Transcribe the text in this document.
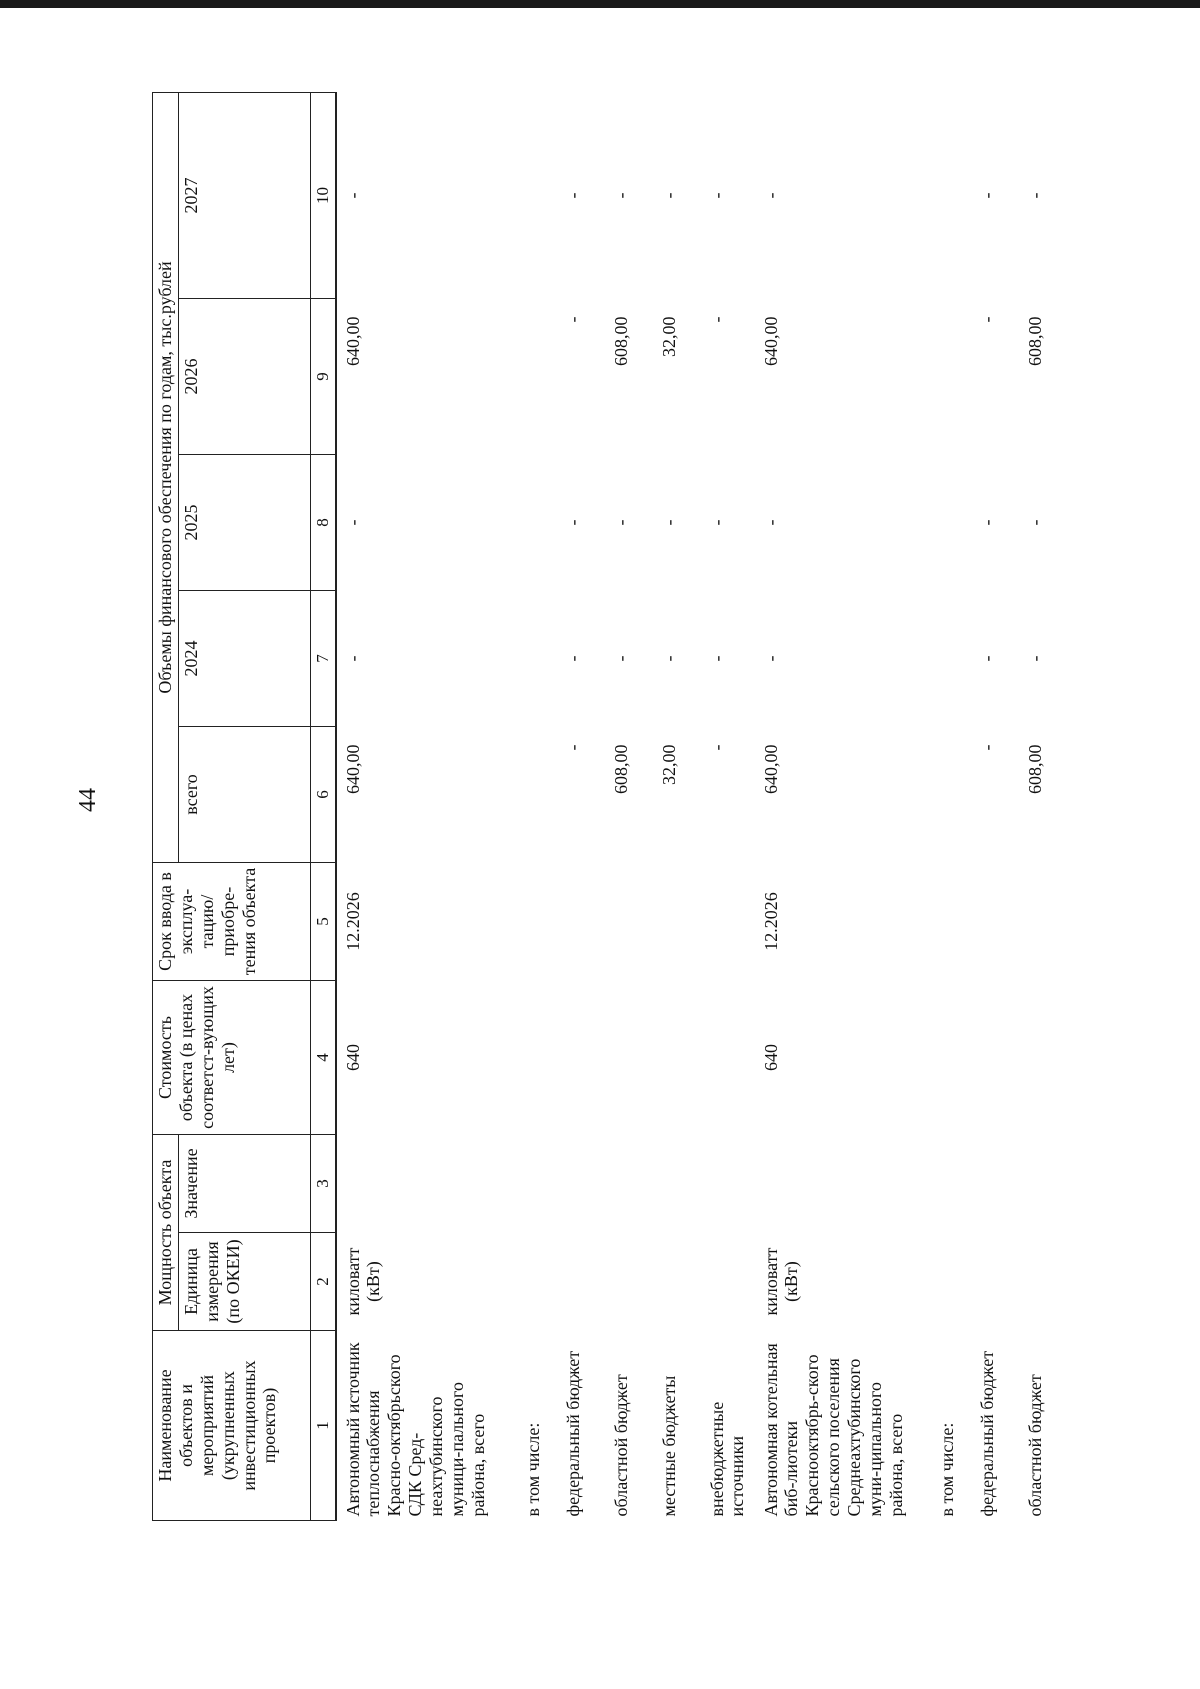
44
Наименование объектов и мероприятий (укрупненных инвестиционных проектов)	Мощность объекта		Стоимость объекта (в ценах соответст-вующих лет)	Срок ввода в эксплуа-тацию/ приобре-тения объекта	Объемы финансового обеспечения по годам, тыс.рублей				
	Единица измерения (по ОКЕИ)	Значение			всего	2024	2025	2026	2027
1	2	3	4	5	6	7	8	9	10
Автономный источник теплоснабжения Красно-октябрьского СДК Сред-неахтубинского муници-пального района, всего	киловатт (кВт)		640	12.2026	640,00	-	-	640,00	-
в том числе:									
федеральный бюджет					-	-	-	-	-
областной бюджет					608,00	-	-	608,00	-
местные бюджеты					32,00	-	-	32,00	-
внебюджетные источники					-	-	-	-	-
Автономная котельная биб-лиотеки Краснооктябрь-ского сельского поселения Среднеахтубинского муни-ципального района, всего	киловатт (кВт)		640	12.2026	640,00	-	-	640,00	-
в том числе:									
федеральный бюджет					-	-	-	-	-
областной бюджет					608,00	-	-	608,00	-
